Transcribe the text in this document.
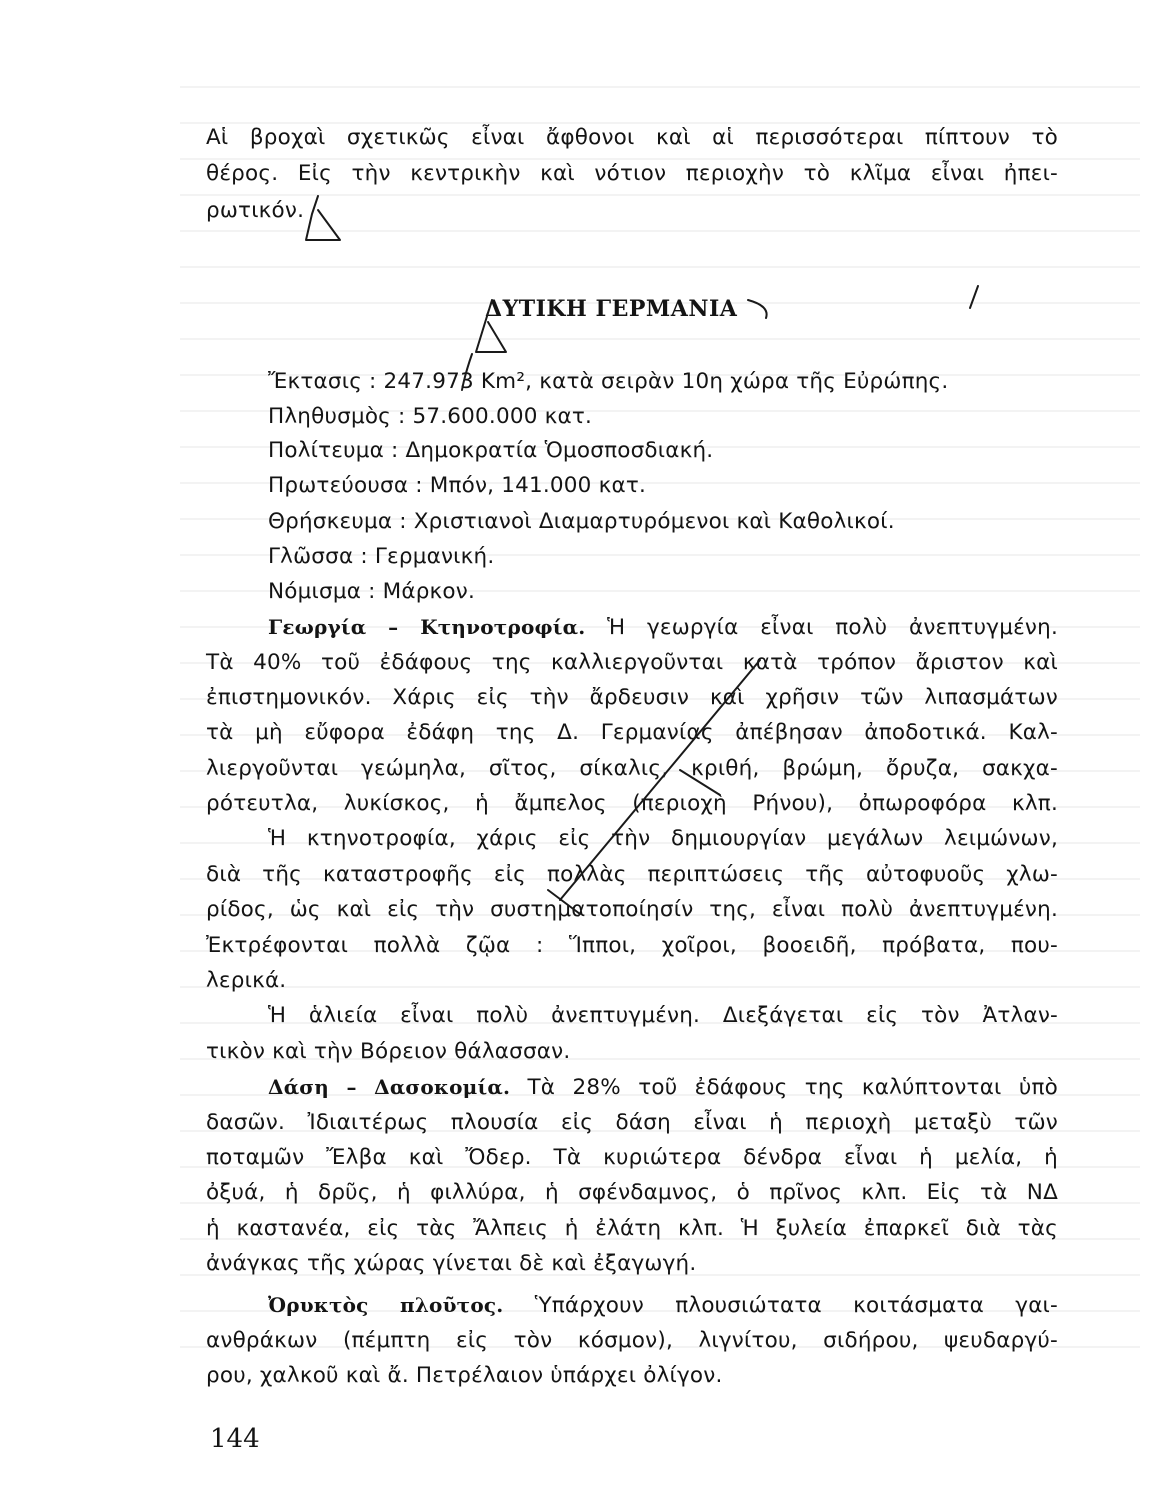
Αἱ βροχαὶ σχετικῶς εἶναι ἄφθονοι καὶ αἱ περισσότεραι πίπτουν τὸ
θέρος. Εἰς τὴν κεντρικὴν καὶ νότιον περιοχὴν τὸ κλῖμα εἶναι ἠπει-
ρωτικόν.
ΔΥΤΙΚΗ ΓΕΡΜΑΝΙΑ
Ἔκτασις : 247.973 Km², κατὰ σειρὰν 10η χώρα τῆς Εὐρώπης.
Πληθυσμὸς : 57.600.000 κατ.
Πολίτευμα : Δημοκρατία Ὁμοσποσδιακή.
Πρωτεύουσα : Μπόν, 141.000 κατ.
Θρήσκευμα : Χριστιανοὶ Διαμαρτυρόμενοι καὶ Καθολικοί.
Γλῶσσα : Γερμανική.
Νόμισμα : Μάρκον.
Γεωργία – Κτηνοτροφία. Ἡ γεωργία εἶναι πολὺ ἀνεπτυγμένη.
Τὰ 40% τοῦ ἐδάφους της καλλιεργοῦνται κατὰ τρόπον ἄριστον καὶ
ἐπιστημονικόν. Χάρις εἰς τὴν ἄρδευσιν καὶ χρῆσιν τῶν λιπασμάτων
τὰ μὴ εὔφορα ἐδάφη της Δ. Γερμανίας ἀπέβησαν ἀποδοτικά. Καλ-
λιεργοῦνται γεώμηλα, σῖτος, σίκαλις, κριθή, βρώμη, ὄρυζα, σακχα-
ρότευτλα, λυκίσκος, ἡ ἄμπελος (περιοχὴ Ρήνου), ὀπωροφόρα κλπ.
Ἡ κτηνοτροφία, χάρις εἰς τὴν δημιουργίαν μεγάλων λειμώνων,
διὰ τῆς καταστροφῆς εἰς πολλὰς περιπτώσεις τῆς αὐτοφυοῦς χλω-
ρίδος, ὡς καὶ εἰς τὴν συστηματοποίησίν της, εἶναι πολὺ ἀνεπτυγμένη.
Ἐκτρέφονται πολλὰ ζῷα : Ἵπποι, χοῖροι, βοοειδῆ, πρόβατα, που-
λερικά.
Ἡ ἁλιεία εἶναι πολὺ ἀνεπτυγμένη. Διεξάγεται εἰς τὸν Ἀτλαν-
τικὸν καὶ τὴν Βόρειον θάλασσαν.
Δάση – Δασοκομία. Τὰ 28% τοῦ ἐδάφους της καλύπτονται ὑπὸ
δασῶν. Ἰδιαιτέρως πλουσία εἰς δάση εἶναι ἡ περιοχὴ μεταξὺ τῶν
ποταμῶν Ἔλβα καὶ Ὄδερ. Τὰ κυριώτερα δένδρα εἶναι ἡ μελία, ἡ
ὀξυά, ἡ δρῦς, ἡ φιλλύρα, ἡ σφένδαμνος, ὁ πρῖνος κλπ. Εἰς τὰ ΝΔ
ἡ καστανέα, εἰς τὰς Ἄλπεις ἡ ἐλάτη κλπ. Ἡ ξυλεία ἐπαρκεῖ διὰ τὰς
ἀνάγκας τῆς χώρας γίνεται δὲ καὶ ἐξαγωγή.
Ὀρυκτὸς πλοῦτος. Ὑπάρχουν πλουσιώτατα κοιτάσματα γαι-
ανθράκων (πέμπτη εἰς τὸν κόσμον), λιγνίτου, σιδήρου, ψευδαργύ-
ρου, χαλκοῦ καὶ ἄ. Πετρέλαιον ὑπάρχει ὀλίγον.
144
